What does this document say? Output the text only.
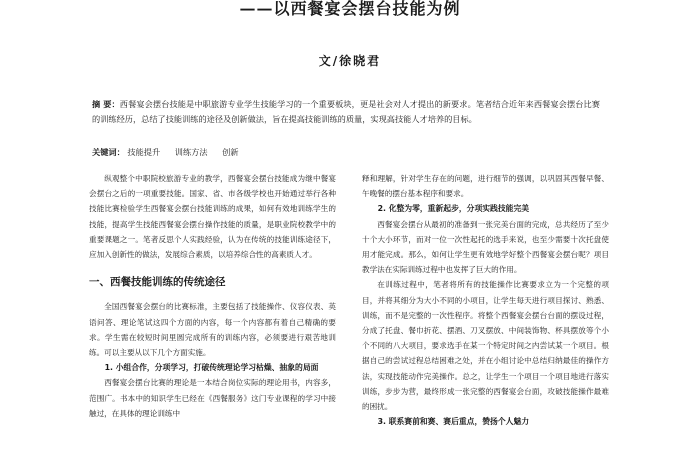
——以西餐宴会摆台技能为例
文/徐晓君
摘 要：西餐宴会摆台技能是中职旅游专业学生技能学习的一个重要板块，更是社会对人才提出的新要求。笔者结合近年来西餐宴会摆台比赛的训练经历，总结了技能训练的途径及创新做法，旨在提高技能训练的质量，实现高技能人才培养的目标。
关键词： 技能提升 训练方法 创新

纵观整个中职院校旅游专业的教学，西餐宴会摆台技能成为继中餐宴会摆台之后的一项重要技能。国家、省、市各级学校也开始通过举行各种技能比赛检验学生西餐宴会摆台技能训练的成果，如何有效地训练学生的技能，提高学生技能西餐宴会摆台操作技能的质量，是职业院校教学中的重要课题之一。笔者反思个人实践经验，认为在传统的技能训练途径下，应加入创新性的做法，发展综合素质，以培养综合性的高素质人才。

一、西餐技能训练的传统途径

全国西餐宴会摆台的比赛标准，主要包括了技能操作、仪容仪表、英语问答、理论笔试这四个方面的内容，每一个内容都有着自己精确的要求。学生需在较短时间里圆完成所有的训练内容，必须要进行艰苦地训练。可以主要从以下几个方面实施。

1. 小组合作，分项学习，打破传统理论学习枯燥、抽象的局面

西餐宴会摆台比赛的理论是一本结合岗位实际的理论用书，内容多，范围广。书本中的知识学生已经在《西餐服务》这门专业课程的学习中接触过，在具体的理论训练中

释和理解，针对学生存在的问题，进行细节的强调，以巩固其西餐早餐、午晚餐的摆台基本程序和要求。

2. 化整为零，重新起步，分项实践技能完美

西餐宴会摆台从最初的准备到一张完美台面的完成，总共经历了至少十个大小环节，而对一位一次性起托的选手来说，也至少需要十次托盘使用才能完成。那么，如何让学生更有效地学好整个西餐宴会摆台呢？项目教学法在实际训练过程中也发挥了巨大的作用。

在训练过程中，笔者将所有的技能操作比赛要求立为一个完整的项目，并将其细分为大小不同的小项目，让学生每天进行项目探讨、熟悉、训练，而不是完整的一次性程序。将整个西餐宴会摆台台面的摆设过程，分成了托盘、餐巾折花、摆酒、刀叉摆放、中间装饰物、杯具摆放等个小个不同的八大项目，要求选手在某一个特定时间之内尝试某一个项目。根据自己的尝试过程总结困难之处，并在小组讨论中总结归纳最佳的操作方法，实现技能动作完美操作。总之，让学生一个项目一个项目地进行落实训练，步步为营，最终形成一张完整的西餐宴会台面，攻破技能操作最难的困扰。

3. 联系赛前和赛、赛后重点，赞扬个人魅力
